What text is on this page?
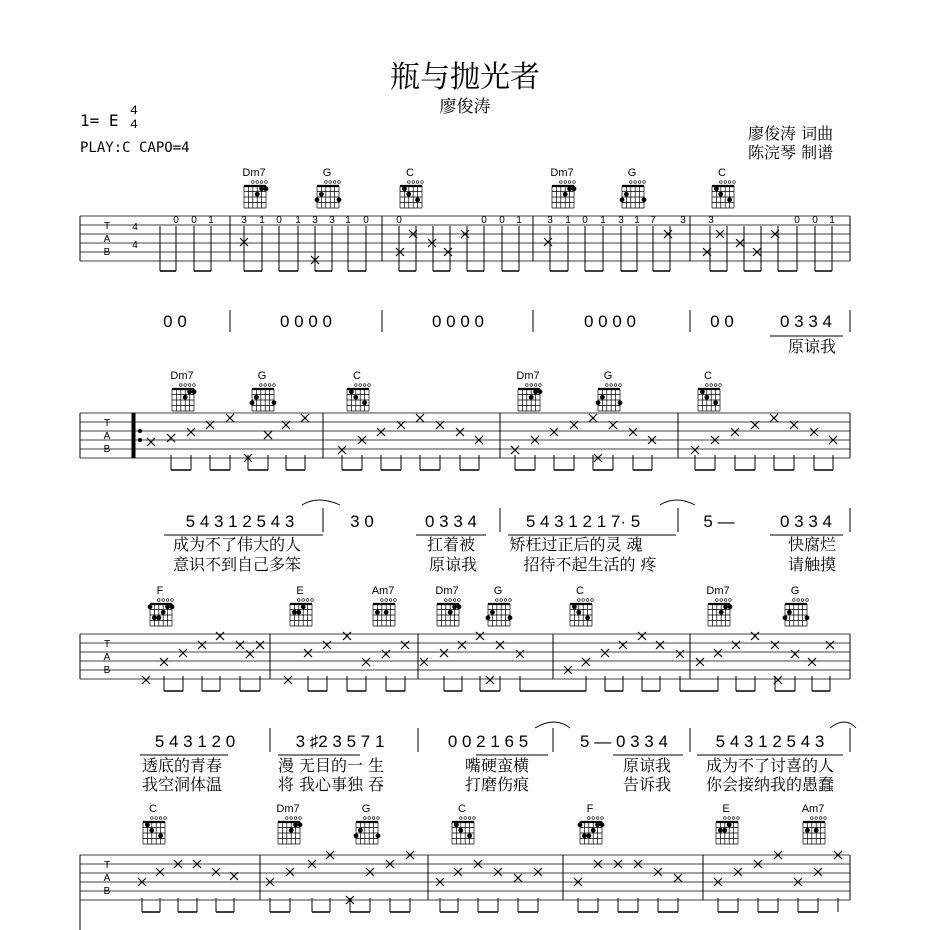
瓶与抛光者
廖俊涛
1= E
4
4
PLAY:C CAPO=4
廖俊涛 词曲
陈浣琴 制谱
Dm7	G	C	Dm7	G	C
T
A
B
4
4
0 0 1	3 1 0 1 3 3 1 0	0	0 0 1	3 1 0 1 3 1 7 3 3	0 0 1
0 0	0 0 0 0	0 0 0 0	0 0 0 0	0 0	0 3 3 4
原谅我
Dm7	G	C	Dm7	G	C
T
A
B
5 4 3 1 2 5 4 3	3 0	0 3 3 4	5 4 3 1 2 1 7· 5	5 —	0 3 3 4
成为不了伟大的人	扛着被 矫枉过正后的灵 魂	快腐烂
意识不到自己多笨	原谅我	招待不起生活的 疼	请触摸
F	E	Am7	Dm7	G	C	Dm7	G
T
A
B
5 4 3 1 2 0	3 ♯2 3 5 7 1	0 0 2 1 6 5	5 — 0 3 3 4	5 4 3 1 2 5 4 3
透底的青春	漫 无目的一 生	嘴硬蛮横	原谅我 成为不了讨喜的人
我空洞体温	将 我心事独 吞	打磨伤痕	告诉我 你会接纳我的愚蠢
C	Dm7	G	C	F	E	Am7
T
A
B
